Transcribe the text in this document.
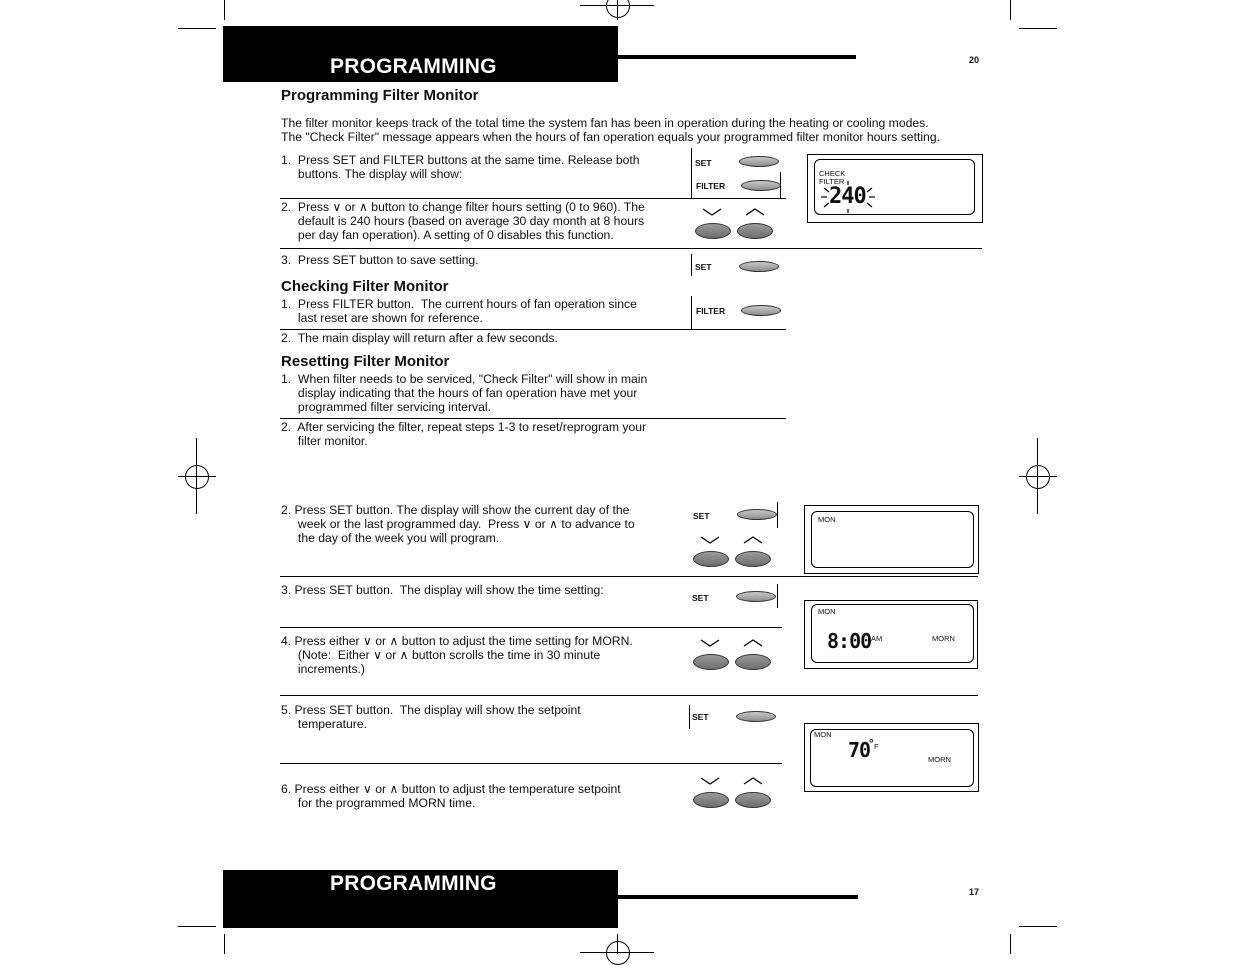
PROGRAMMING	20
Programming Filter Monitor
The filter monitor keeps track of the total time the system fan has been in operation during the heating or cooling modes.
The "Check Filter" message appears when the hours of fan operation equals your programmed filter monitor hours setting.
1.  Press SET and FILTER buttons at the same time. Release both
buttons. The display will show:
SET
FILTER
CHECK
FILTER
240
2.  Press ∨ or ∧ button to change filter hours setting (0 to 960). The
default is 240 hours (based on average 30 day month at 8 hours
per day fan operation). A setting of 0 disables this function.
3.  Press SET button to save setting.	SET
Checking Filter Monitor
1.  Press FILTER button.  The current hours of fan operation since
last reset are shown for reference.	FILTER
2.  The main display will return after a few seconds.
Resetting Filter Monitor
1.  When filter needs to be serviced, "Check Filter" will show in main
display indicating that the hours of fan operation have met your
programmed filter servicing interval.
2.  After servicing the filter, repeat steps 1-3 to reset/reprogram your
filter monitor.
2. Press SET button. The display will show the current day of the
week or the last programmed day.  Press ∨ or ∧ to advance to
the day of the week you will program.
SET	MON
3. Press SET button.  The display will show the time setting:
SET
MON
8:00 AM	MORN
4. Press either ∨ or ∧ button to adjust the time setting for MORN.
(Note:  Either ∨ or ∧ button scrolls the time in 30 minute
increments.)
5. Press SET button.  The display will show the setpoint
temperature.	SET
MON
70
° F
MORN
6. Press either ∨ or ∧ button to adjust the temperature setpoint
for the programmed MORN time.
PROGRAMMING	17
